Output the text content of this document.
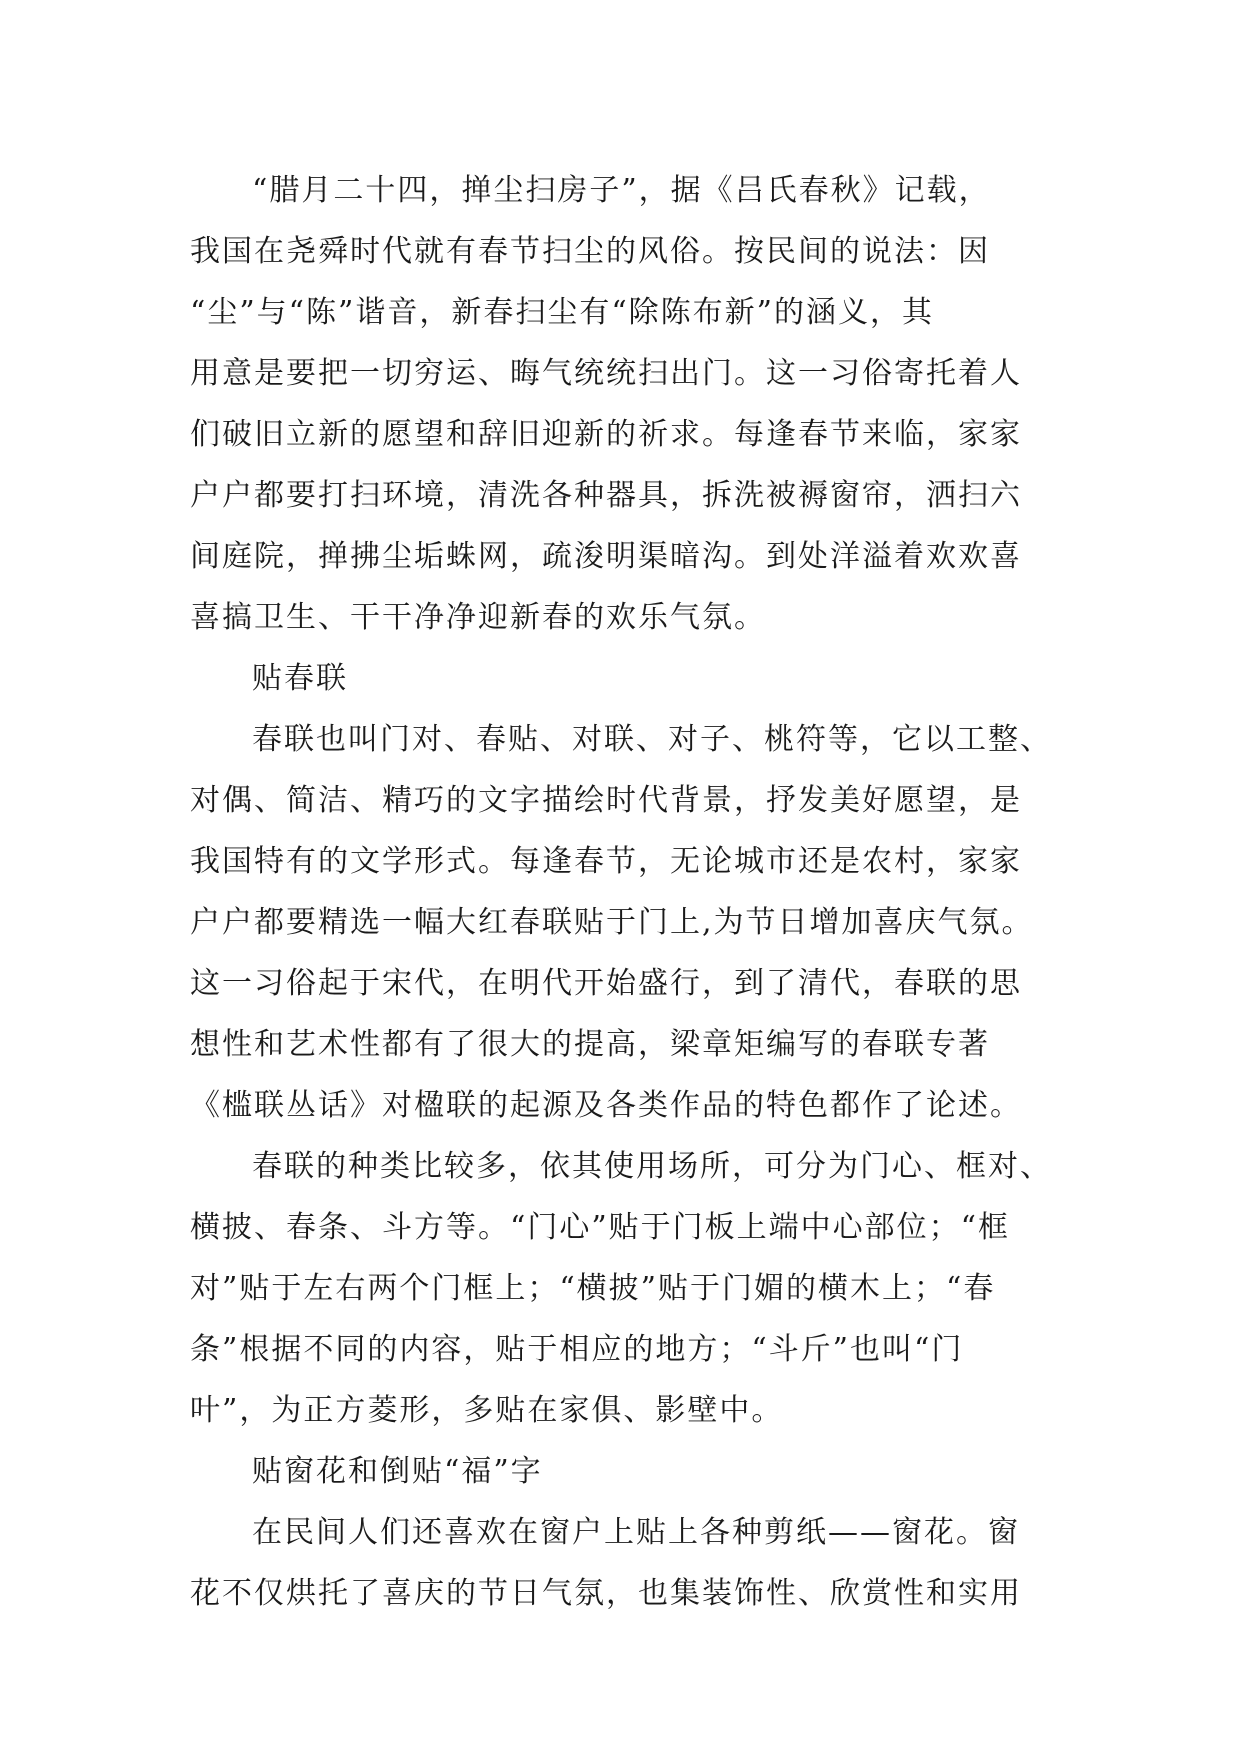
“腊月二十四，掸尘扫房子”，据《吕氏春秋》记载，
我国在尧舜时代就有春节扫尘的风俗。按民间的说法：因
“尘”与“陈”谐音，新春扫尘有“除陈布新”的涵义，其
用意是要把一切穷运、晦气统统扫出门。这一习俗寄托着人
们破旧立新的愿望和辞旧迎新的祈求。每逢春节来临，家家
户户都要打扫环境，清洗各种器具，拆洗被褥窗帘，洒扫六
间庭院，掸拂尘垢蛛网，疏浚明渠暗沟。到处洋溢着欢欢喜
喜搞卫生、干干净净迎新春的欢乐气氛。
贴春联
春联也叫门对、春贴、对联、对子、桃符等，它以工整、
对偶、简洁、精巧的文字描绘时代背景，抒发美好愿望，是
我国特有的文学形式。每逢春节，无论城市还是农村，家家
户户都要精选一幅大红春联贴于门上,为节日增加喜庆气氛。
这一习俗起于宋代，在明代开始盛行，到了清代，春联的思
想性和艺术性都有了很大的提高，梁章矩编写的春联专著
《槛联丛话》对楹联的起源及各类作品的特色都作了论述。
春联的种类比较多，依其使用场所，可分为门心、框对、
横披、春条、斗方等。“门心”贴于门板上端中心部位；“框
对”贴于左右两个门框上；“横披”贴于门媚的横木上；“春
条”根据不同的内容，贴于相应的地方；“斗斤”也叫“门
叶”，为正方菱形，多贴在家俱、影壁中。
贴窗花和倒贴“福”字
在民间人们还喜欢在窗户上贴上各种剪纸——窗花。窗
花不仅烘托了喜庆的节日气氛，也集装饰性、欣赏性和实用
